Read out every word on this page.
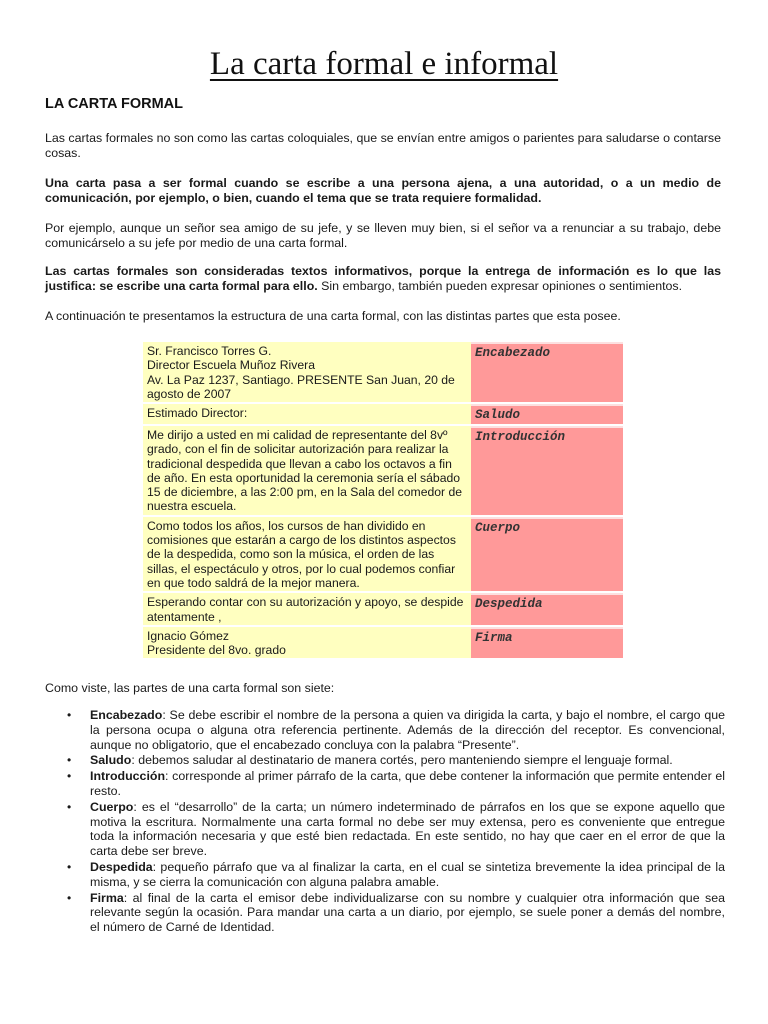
La carta formal e informal
LA CARTA FORMAL

Las cartas formales no son como las cartas coloquiales, que se envían entre amigos o parientes para saludarse o contarse cosas.

Una carta pasa a ser formal cuando se escribe a una persona ajena, a una autoridad, o a un medio de comunicación, por ejemplo, o bien, cuando el tema que se trata requiere formalidad.

Por ejemplo, aunque un señor sea amigo de su jefe, y se lleven muy bien, si el señor va a renunciar a su trabajo, debe comunicárselo a su jefe por medio de una carta formal.

Las cartas formales son consideradas textos informativos, porque la entrega de información es lo que las justifica: se escribe una carta formal para ello. Sin embargo, también pueden expresar opiniones o sentimientos.

A continuación te presentamos la estructura de una carta formal, con las distintas partes que esta posee.

Sr. Francisco Torres G.
Director Escuela Muñoz Rivera
Av. La Paz 1237, Santiago. PRESENTE San Juan, 20 de agosto de 2007	Encabezado
Estimado Director:	Saludo
Me dirijo a usted en mi calidad de representante del 8vº grado, con el fin de solicitar autorización para realizar la tradicional despedida que llevan a cabo los octavos a fin de año. En esta oportunidad la ceremonia sería el sábado 15 de diciembre, a las 2:00 pm, en la Sala del comedor de nuestra escuela.	Introducción
Como todos los años, los cursos de han dividido en comisiones que estarán a cargo de los distintos aspectos de la despedida, como son la música, el orden de las sillas, el espectáculo y otros, por lo cual podemos confiar en que todo saldrá de la mejor manera.	Cuerpo
Esperando contar con su autorización y apoyo, se despide atentamente ,	Despedida
Ignacio Gómez
Presidente del 8vo. grado	Firma

Como viste, las partes de una carta formal son siete:

• Encabezado: Se debe escribir el nombre de la persona a quien va dirigida la carta, y bajo el nombre, el cargo que la persona ocupa o alguna otra referencia pertinente. Además de la dirección del receptor. Es convencional, aunque no obligatorio, que el encabezado concluya con la palabra “Presente”.
• Saludo: debemos saludar al destinatario de manera cortés, pero manteniendo siempre el lenguaje formal.
• Introducción: corresponde al primer párrafo de la carta, que debe contener la información que permite entender el resto.
• Cuerpo: es el “desarrollo” de la carta; un número indeterminado de párrafos en los que se expone aquello que motiva la escritura. Normalmente una carta formal no debe ser muy extensa, pero es conveniente que entregue toda la información necesaria y que esté bien redactada. En este sentido, no hay que caer en el error de que la carta debe ser breve.
• Despedida: pequeño párrafo que va al finalizar la carta, en el cual se sintetiza brevemente la idea principal de la misma, y se cierra la comunicación con alguna palabra amable.
• Firma: al final de la carta el emisor debe individualizarse con su nombre y cualquier otra información que sea relevante según la ocasión. Para mandar una carta a un diario, por ejemplo, se suele poner a demás del nombre, el número de Carné de Identidad.
